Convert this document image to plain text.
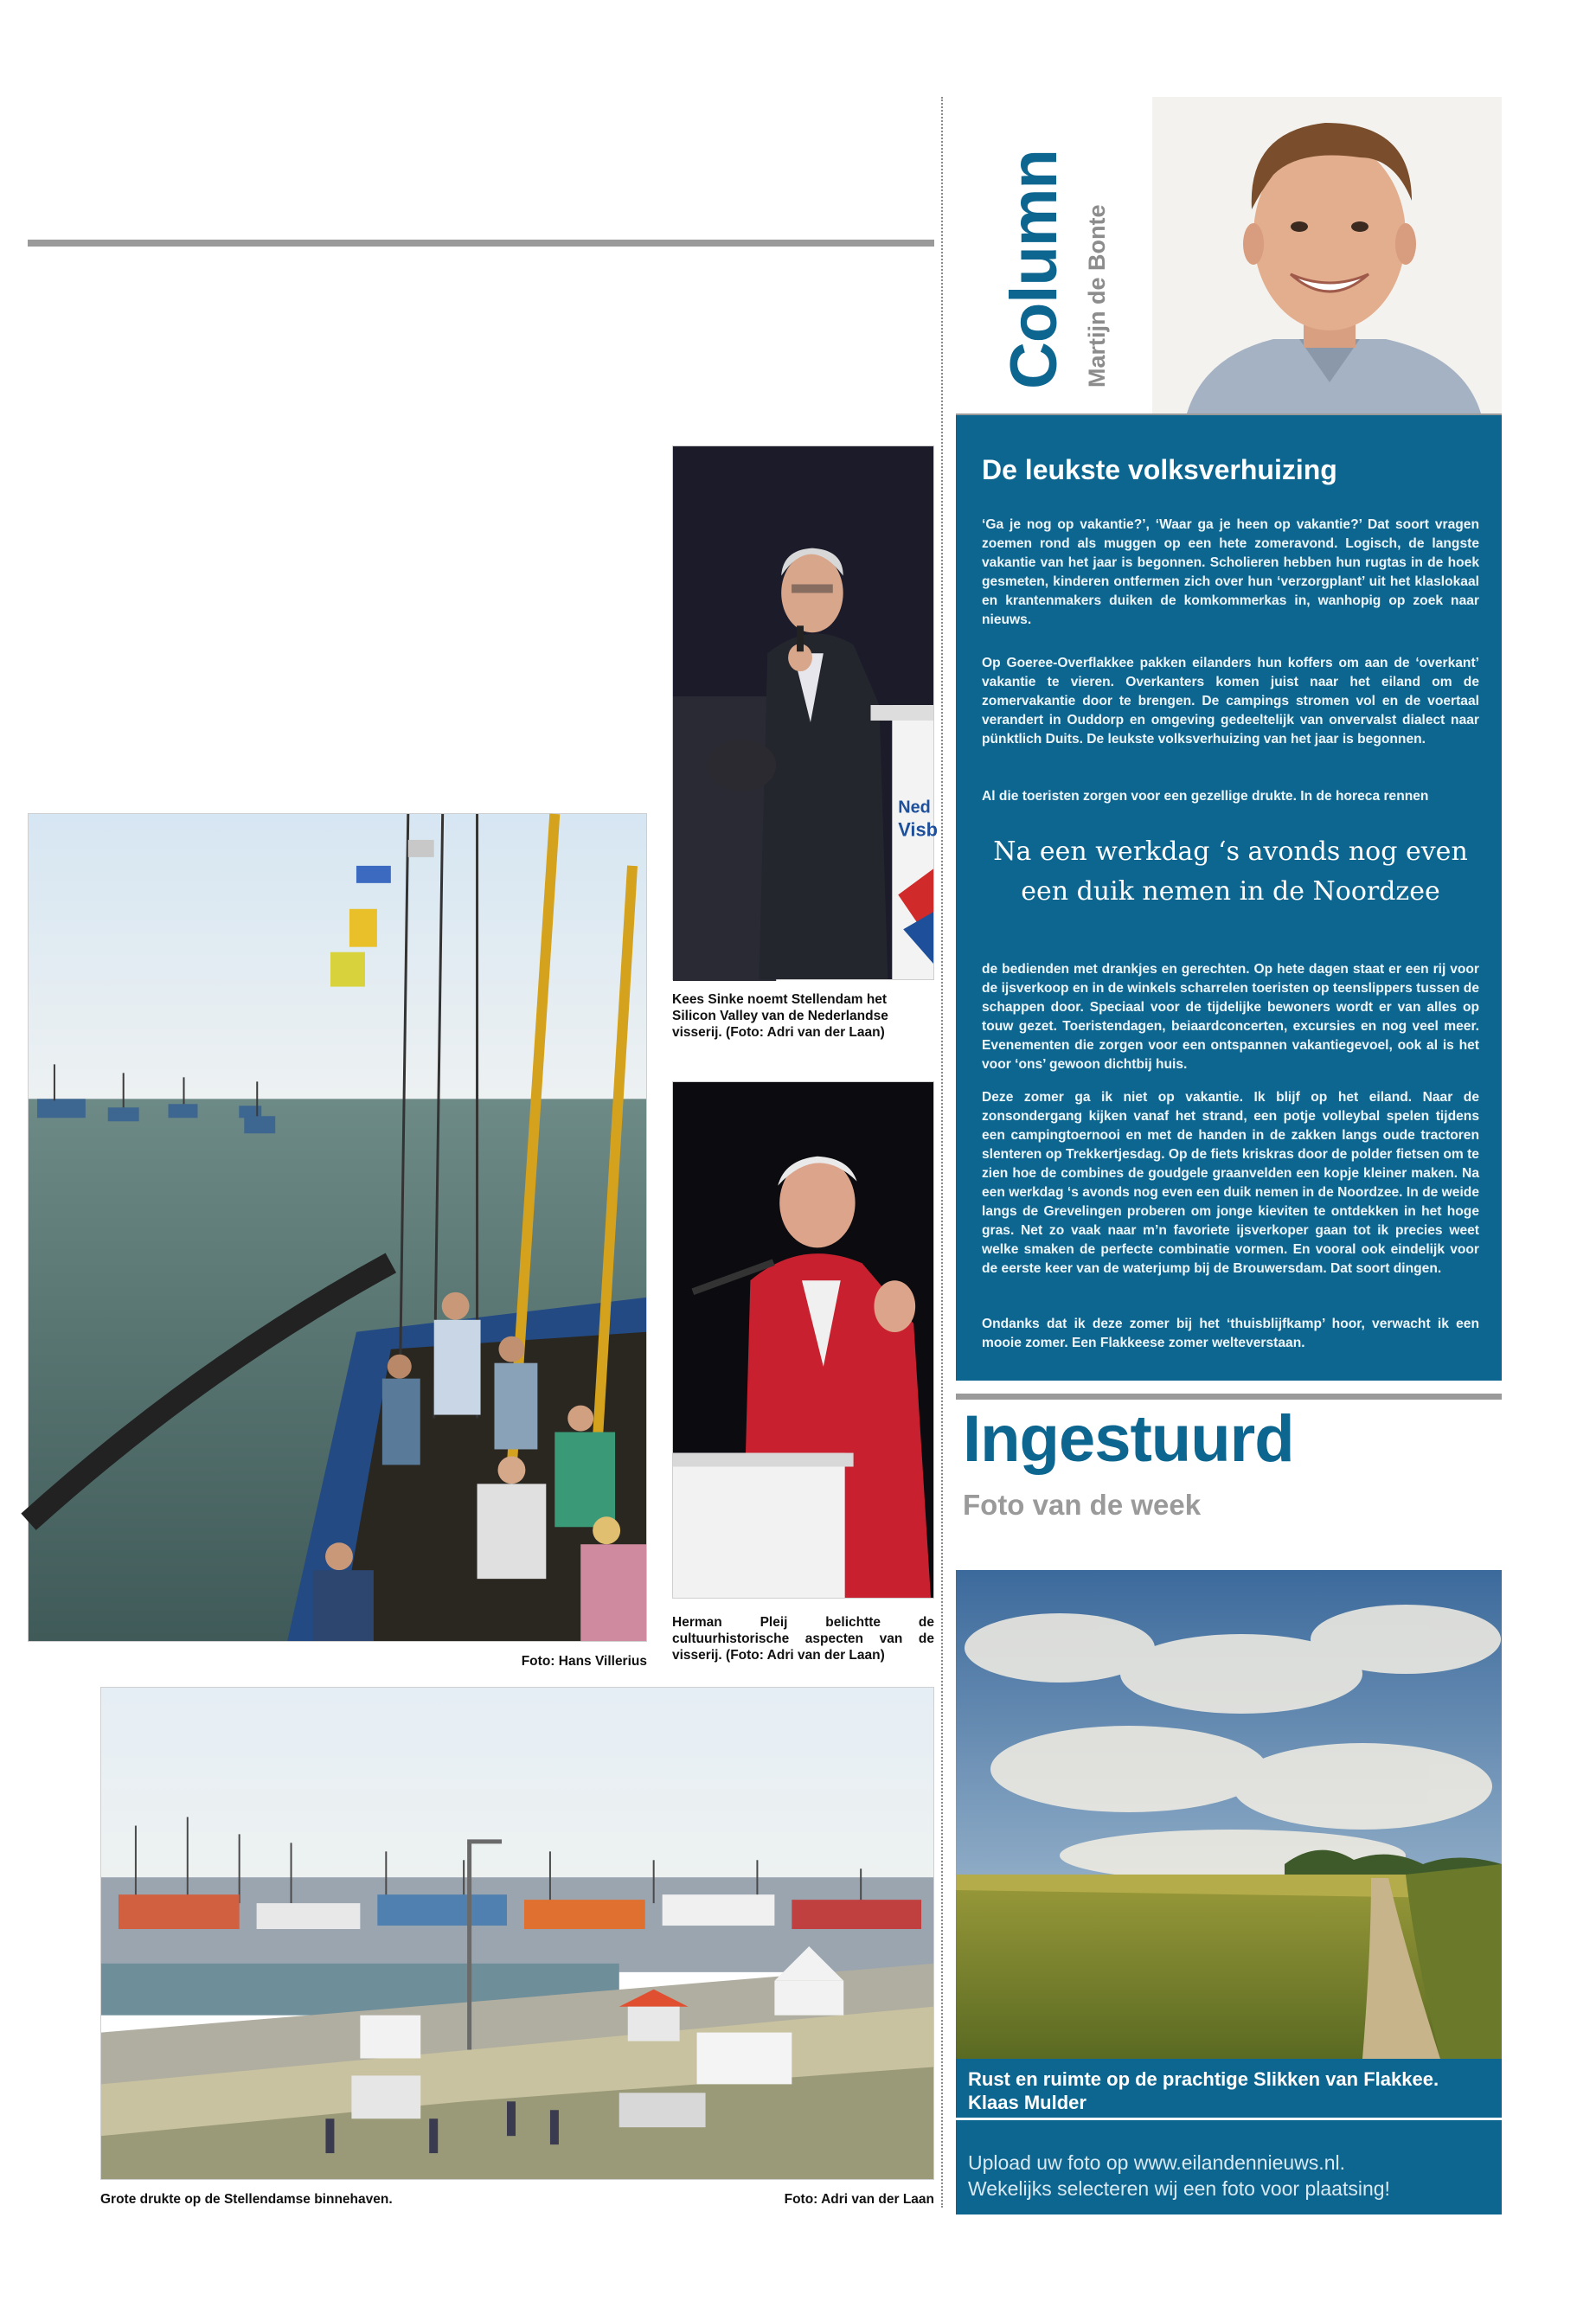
Ned
Visb
Kees Sinke noemt Stellendam het Silicon Valley van de Nederlandse visserij. (Foto: Adri van der Laan)
Herman Pleij belichtte de cultuurhistorische aspecten van de visserij. (Foto: Adri van der Laan)
Foto: Hans Villerius
Grote drukte op de Stellendamse binnehaven.	Foto: Adri van der Laan
Column Martijn de Bonte
De leukste volksverhuizing
‘Ga je nog op vakantie?’, ‘Waar ga je heen op vakantie?’ Dat soort vragen zoemen rond als muggen op een hete zomeravond. Logisch, de langste vakantie van het jaar is begonnen. Scholieren hebben hun rugtas in de hoek gesmeten, kinderen ontfermen zich over hun ‘verzorgplant’ uit het klaslokaal en krantenmakers duiken de komkommerkas in, wanhopig op zoek naar nieuws.
Op Goeree-Overflakkee pakken eilanders hun koffers om aan de ‘overkant’ vakantie te vieren. Overkanters komen juist naar het eiland om de zomervakantie door te brengen. De campings stromen vol en de voertaal verandert in Ouddorp en omgeving gedeeltelijk van onvervalst dialect naar pünktlich Duits. De leukste volksverhuizing van het jaar is begonnen.
Al die toeristen zorgen voor een gezellige drukte. In de horeca rennen
Na een werkdag ‘s avonds nog even een duik nemen in de Noordzee
de bedienden met drankjes en gerechten. Op hete dagen staat er een rij voor de ijsverkoop en in de winkels scharrelen toeristen op teenslippers tussen de schappen door. Speciaal voor de tijdelijke bewoners wordt er van alles op touw gezet. Toeristendagen, beiaardconcerten, excursies en nog veel meer. Evenementen die zorgen voor een ontspannen vakantiegevoel, ook al is het voor ‘ons’ gewoon dichtbij huis.
Deze zomer ga ik niet op vakantie. Ik blijf op het eiland. Naar de zonsondergang kijken vanaf het strand, een potje volleybal spelen tijdens een campingtoernooi en met de handen in de zakken langs oude tractoren slenteren op Trekkertjesdag. Op de fiets kriskras door de polder fietsen om te zien hoe de combines de goudgele graanvelden een kopje kleiner maken. Na een werkdag ‘s avonds nog even een duik nemen in de Noordzee. In de weide langs de Grevelingen proberen om jonge kieviten te ontdekken in het hoge gras. Net zo vaak naar m’n favoriete ijsverkoper gaan tot ik precies weet welke smaken de perfecte combinatie vormen. En vooral ook eindelijk voor de eerste keer van de waterjump bij de Brouwersdam. Dat soort dingen.
Ondanks dat ik deze zomer bij het ‘thuisblijfkamp’ hoor, verwacht ik een mooie zomer. Een Flakkeese zomer welteverstaan.
Ingestuurd
Foto van de week
Rust en ruimte op de prachtige Slikken van Flakkee. Klaas Mulder
Upload uw foto op www.eilandennieuws.nl.
Wekelijks selecteren wij een foto voor plaatsing!
